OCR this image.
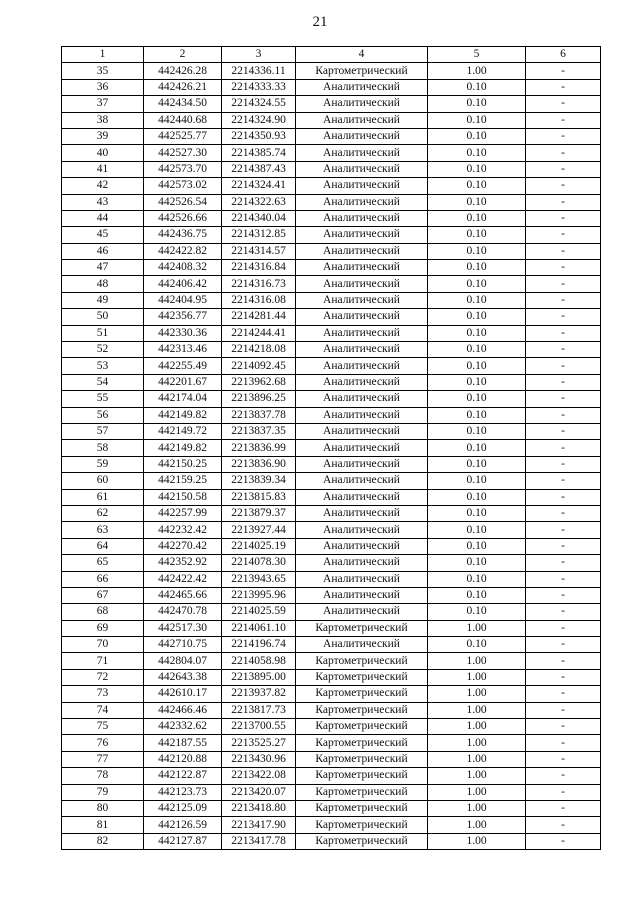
21
1	2	3	4	5	6
35	442426.28	2214336.11	Картометрический	1.00	-
36	442426.21	2214333.33	Аналитический	0.10	-
37	442434.50	2214324.55	Аналитический	0.10	-
38	442440.68	2214324.90	Аналитический	0.10	-
39	442525.77	2214350.93	Аналитический	0.10	-
40	442527.30	2214385.74	Аналитический	0.10	-
41	442573.70	2214387.43	Аналитический	0.10	-
42	442573.02	2214324.41	Аналитический	0.10	-
43	442526.54	2214322.63	Аналитический	0.10	-
44	442526.66	2214340.04	Аналитический	0.10	-
45	442436.75	2214312.85	Аналитический	0.10	-
46	442422.82	2214314.57	Аналитический	0.10	-
47	442408.32	2214316.84	Аналитический	0.10	-
48	442406.42	2214316.73	Аналитический	0.10	-
49	442404.95	2214316.08	Аналитический	0.10	-
50	442356.77	2214281.44	Аналитический	0.10	-
51	442330.36	2214244.41	Аналитический	0.10	-
52	442313.46	2214218.08	Аналитический	0.10	-
53	442255.49	2214092.45	Аналитический	0.10	-
54	442201.67	2213962.68	Аналитический	0.10	-
55	442174.04	2213896.25	Аналитический	0.10	-
56	442149.82	2213837.78	Аналитический	0.10	-
57	442149.72	2213837.35	Аналитический	0.10	-
58	442149.82	2213836.99	Аналитический	0.10	-
59	442150.25	2213836.90	Аналитический	0.10	-
60	442159.25	2213839.34	Аналитический	0.10	-
61	442150.58	2213815.83	Аналитический	0.10	-
62	442257.99	2213879.37	Аналитический	0.10	-
63	442232.42	2213927.44	Аналитический	0.10	-
64	442270.42	2214025.19	Аналитический	0.10	-
65	442352.92	2214078.30	Аналитический	0.10	-
66	442422.42	2213943.65	Аналитический	0.10	-
67	442465.66	2213995.96	Аналитический	0.10	-
68	442470.78	2214025.59	Аналитический	0.10	-
69	442517.30	2214061.10	Картометрический	1.00	-
70	442710.75	2214196.74	Аналитический	0.10	-
71	442804.07	2214058.98	Картометрический	1.00	-
72	442643.38	2213895.00	Картометрический	1.00	-
73	442610.17	2213937.82	Картометрический	1.00	-
74	442466.46	2213817.73	Картометрический	1.00	-
75	442332.62	2213700.55	Картометрический	1.00	-
76	442187.55	2213525.27	Картометрический	1.00	-
77	442120.88	2213430.96	Картометрический	1.00	-
78	442122.87	2213422.08	Картометрический	1.00	-
79	442123.73	2213420.07	Картометрический	1.00	-
80	442125.09	2213418.80	Картометрический	1.00	-
81	442126.59	2213417.90	Картометрический	1.00	-
82	442127.87	2213417.78	Картометрический	1.00	-
